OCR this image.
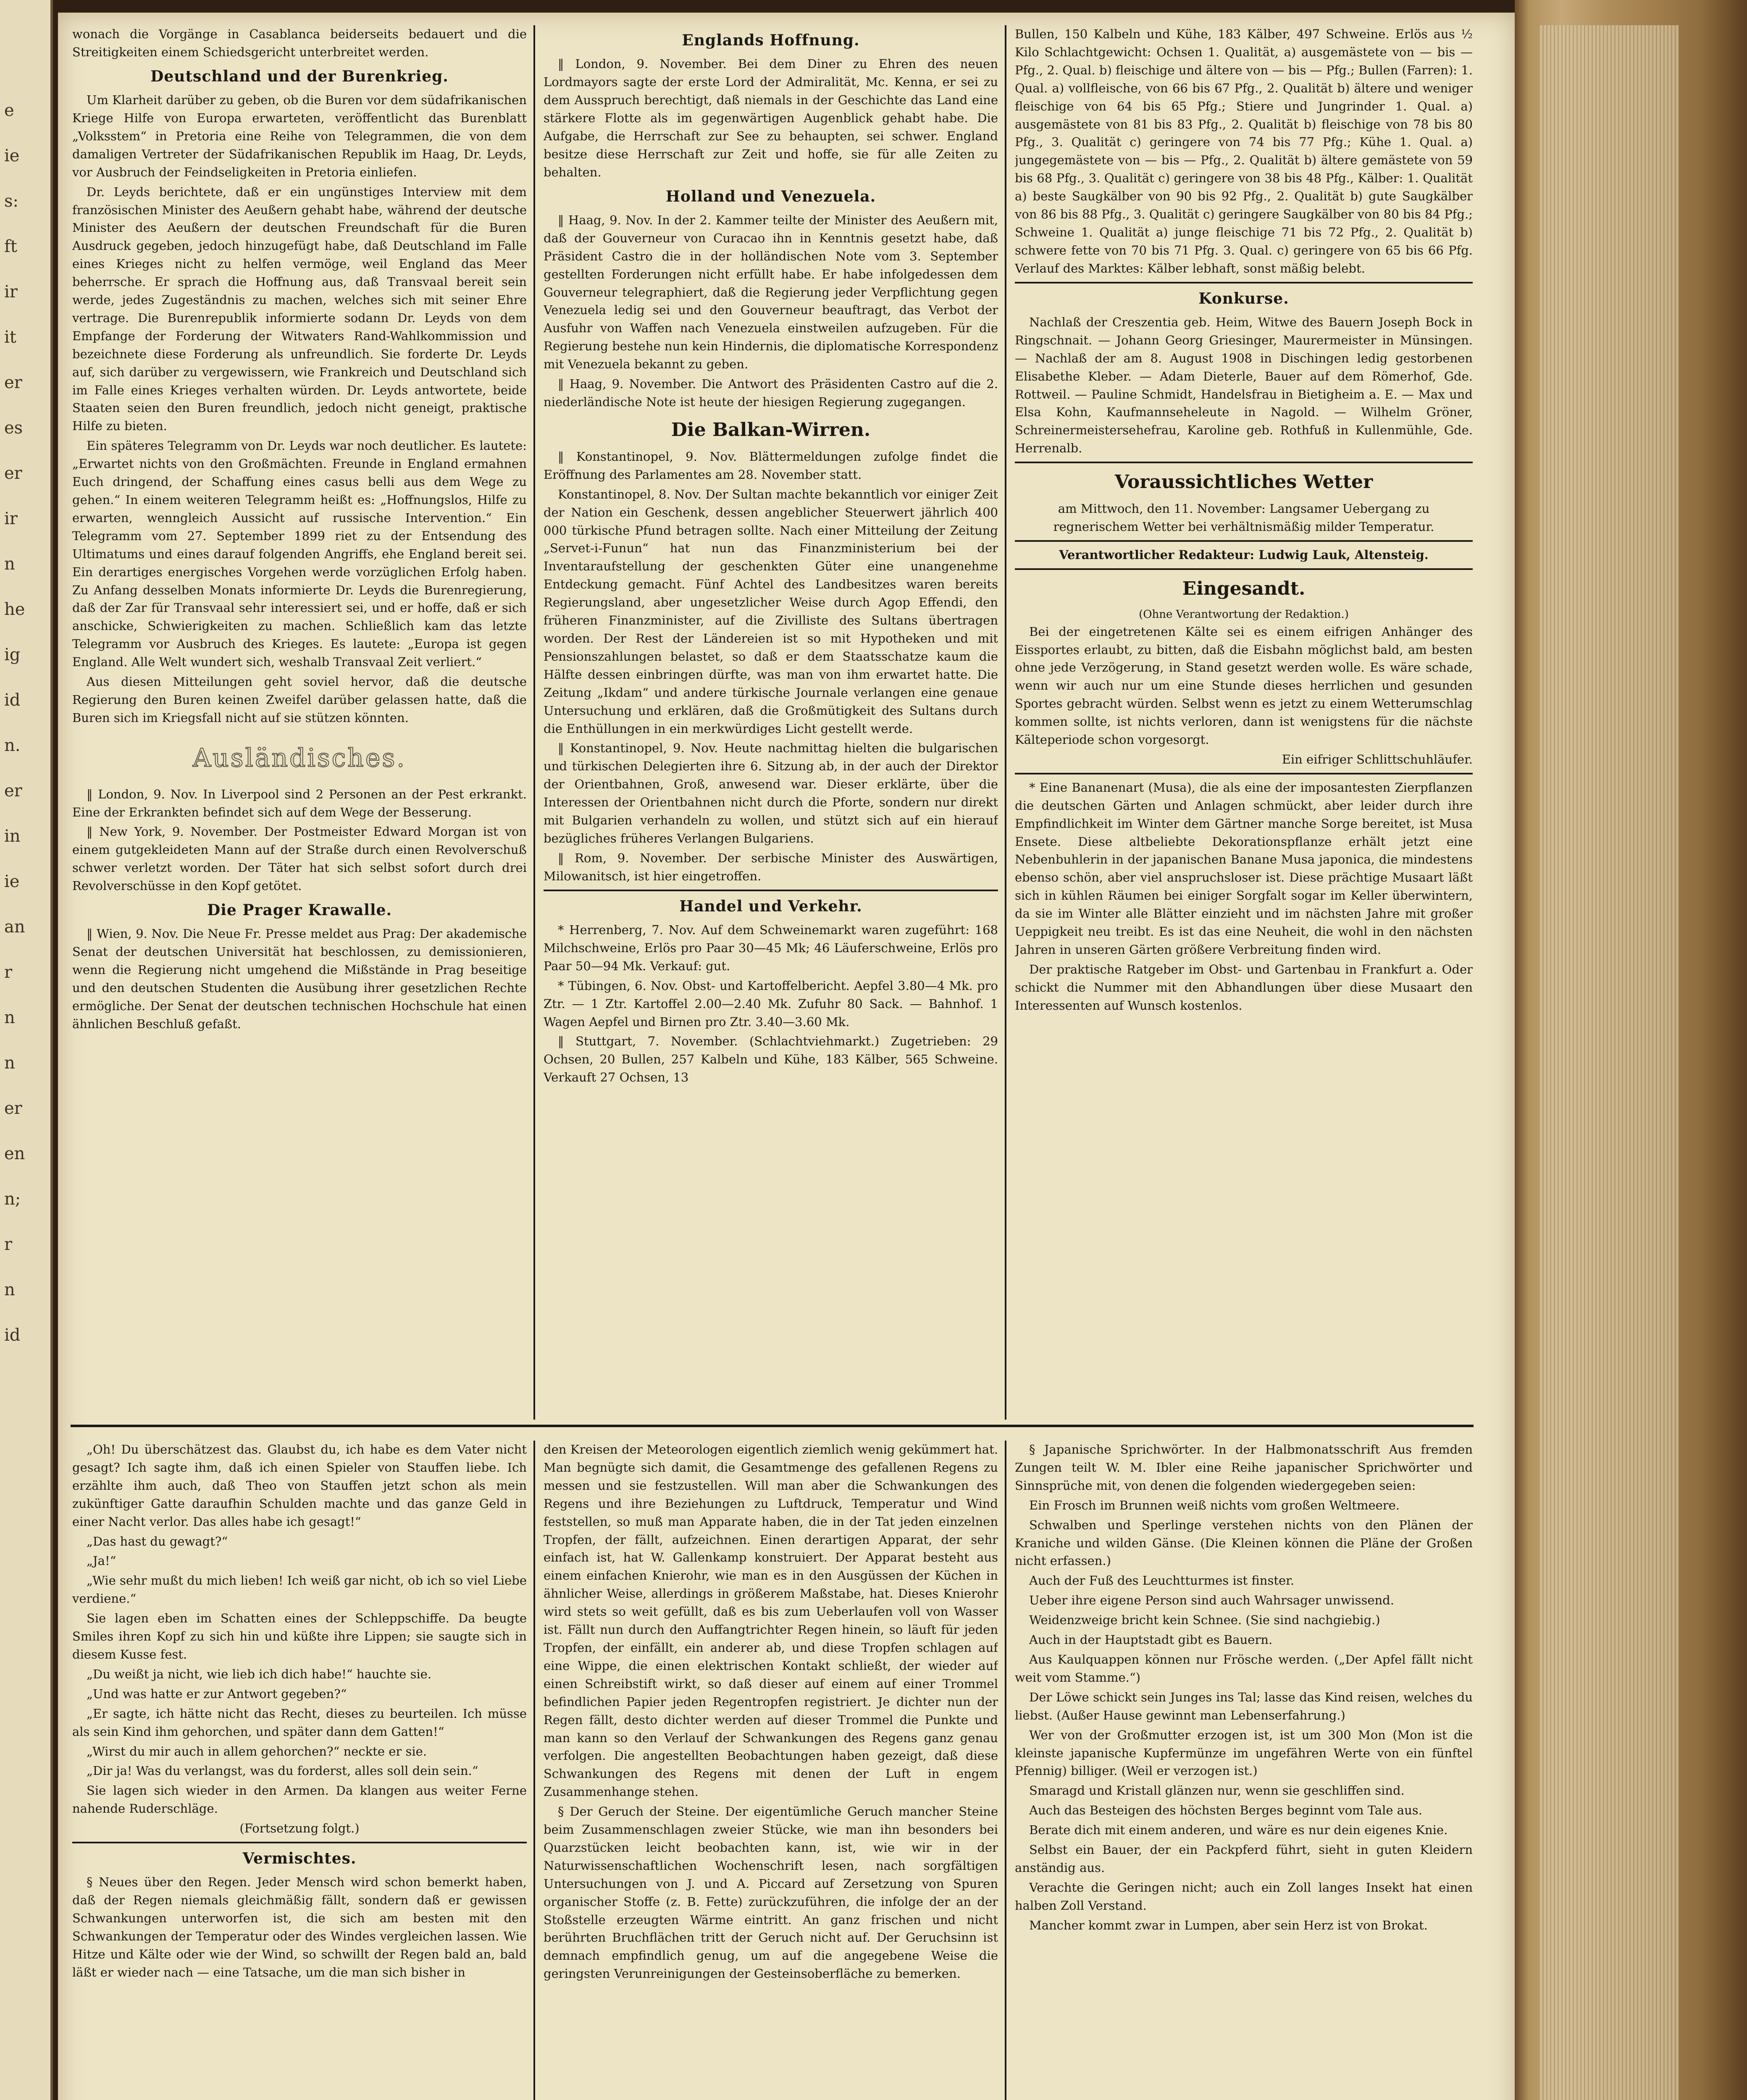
e
ie
s:
ft
ir
it
er
es
er
ir
n
he
ig
id
n.
er
in
ie
an
r
n
n
er
en
n;
r
n
id

wonach die Vorgänge in Casablanca beiderseits bedauert und die Streitigkeiten einem Schiedsgericht unterbreitet werden.

Deutschland und der Burenkrieg.

Um Klarheit darüber zu geben, ob die Buren vor dem südafrikanischen Kriege Hilfe von Europa erwarteten, veröffentlicht das Burenblatt „Volksstem“ in Pretoria eine Reihe von Telegrammen, die von dem damaligen Vertreter der Südafrikanischen Republik im Haag, Dr. Leyds, vor Ausbruch der Feindseligkeiten in Pretoria einliefen.

Dr. Leyds berichtete, daß er ein ungünstiges Interview mit dem französischen Minister des Aeußern gehabt habe, während der deutsche Minister des Aeußern der deutschen Freundschaft für die Buren Ausdruck gegeben, jedoch hinzugefügt habe, daß Deutschland im Falle eines Krieges nicht zu helfen vermöge, weil England das Meer beherrsche. Er sprach die Hoffnung aus, daß Transvaal bereit sein werde, jedes Zugeständnis zu machen, welches sich mit seiner Ehre vertrage. Die Burenrepublik informierte sodann Dr. Leyds von dem Empfange der Forderung der Witwaters Rand-Wahlkommission und bezeichnete diese Forderung als unfreundlich. Sie forderte Dr. Leyds auf, sich darüber zu vergewissern, wie Frankreich und Deutschland sich im Falle eines Krieges verhalten würden. Dr. Leyds antwortete, beide Staaten seien den Buren freundlich, jedoch nicht geneigt, praktische Hilfe zu bieten.

Ein späteres Telegramm von Dr. Leyds war noch deutlicher. Es lautete: „Erwartet nichts von den Großmächten. Freunde in England ermahnen Euch dringend, der Schaffung eines casus belli aus dem Wege zu gehen.“ In einem weiteren Telegramm heißt es: „Hoffnungslos, Hilfe zu erwarten, wenngleich Aussicht auf russische Intervention.“ Ein Telegramm vom 27. September 1899 riet zu der Entsendung des Ultimatums und eines darauf folgenden Angriffs, ehe England bereit sei. Ein derartiges energisches Vorgehen werde vorzüglichen Erfolg haben. Zu Anfang desselben Monats informierte Dr. Leyds die Burenregierung, daß der Zar für Transvaal sehr interessiert sei, und er hoffe, daß er sich anschicke, Schwierigkeiten zu machen. Schließlich kam das letzte Telegramm vor Ausbruch des Krieges. Es lautete: „Europa ist gegen England. Alle Welt wundert sich, weshalb Transvaal Zeit verliert.“

Aus diesen Mitteilungen geht soviel hervor, daß die deutsche Regierung den Buren keinen Zweifel darüber gelassen hatte, daß die Buren sich im Kriegsfall nicht auf sie stützen könnten.

Ausländisches.

‖ London, 9. Nov. In Liverpool sind 2 Personen an der Pest erkrankt. Eine der Erkrankten befindet sich auf dem Wege der Besserung.

‖ New York, 9. November. Der Postmeister Edward Morgan ist von einem gutgekleideten Mann auf der Straße durch einen Revolverschuß schwer verletzt worden. Der Täter hat sich selbst sofort durch drei Revolverschüsse in den Kopf getötet.

Die Prager Krawalle.

‖ Wien, 9. Nov. Die Neue Fr. Presse meldet aus Prag: Der akademische Senat der deutschen Universität hat beschlossen, zu demissionieren, wenn die Regierung nicht umgehend die Mißstände in Prag beseitige und den deutschen Studenten die Ausübung ihrer gesetzlichen Rechte ermögliche. Der Senat der deutschen technischen Hochschule hat einen ähnlichen Beschluß gefaßt.

Englands Hoffnung.

‖ London, 9. November. Bei dem Diner zu Ehren des neuen Lordmayors sagte der erste Lord der Admiralität, Mc. Kenna, er sei zu dem Ausspruch berechtigt, daß niemals in der Geschichte das Land eine stärkere Flotte als im gegenwärtigen Augenblick gehabt habe. Die Aufgabe, die Herrschaft zur See zu behaupten, sei schwer. England besitze diese Herrschaft zur Zeit und hoffe, sie für alle Zeiten zu behalten.

Holland und Venezuela.

‖ Haag, 9. Nov. In der 2. Kammer teilte der Minister des Aeußern mit, daß der Gouverneur von Curacao ihn in Kenntnis gesetzt habe, daß Präsident Castro die in der holländischen Note vom 3. September gestellten Forderungen nicht erfüllt habe. Er habe infolgedessen dem Gouverneur telegraphiert, daß die Regierung jeder Verpflichtung gegen Venezuela ledig sei und den Gouverneur beauftragt, das Verbot der Ausfuhr von Waffen nach Venezuela einstweilen aufzugeben. Für die Regierung bestehe nun kein Hindernis, die diplomatische Korrespondenz mit Venezuela bekannt zu geben.

‖ Haag, 9. November. Die Antwort des Präsidenten Castro auf die 2. niederländische Note ist heute der hiesigen Regierung zugegangen.

Die Balkan-Wirren.

‖ Konstantinopel, 9. Nov. Blättermeldungen zufolge findet die Eröffnung des Parlamentes am 28. November statt.

Konstantinopel, 8. Nov. Der Sultan machte bekanntlich vor einiger Zeit der Nation ein Geschenk, dessen angeblicher Steuerwert jährlich 400 000 türkische Pfund betragen sollte. Nach einer Mitteilung der Zeitung „Servet-i-Funun“ hat nun das Finanzministerium bei der Inventaraufstellung der geschenkten Güter eine unangenehme Entdeckung gemacht. Fünf Achtel des Landbesitzes waren bereits Regierungsland, aber ungesetzlicher Weise durch Agop Effendi, den früheren Finanzminister, auf die Zivilliste des Sultans übertragen worden. Der Rest der Ländereien ist so mit Hypotheken und mit Pensionszahlungen belastet, so daß er dem Staatsschatze kaum die Hälfte dessen einbringen dürfte, was man von ihm erwartet hatte. Die Zeitung „Ikdam“ und andere türkische Journale verlangen eine genaue Untersuchung und erklären, daß die Großmütigkeit des Sultans durch die Enthüllungen in ein merkwürdiges Licht gestellt werde.

‖ Konstantinopel, 9. Nov. Heute nachmittag hielten die bulgarischen und türkischen Delegierten ihre 6. Sitzung ab, in der auch der Direktor der Orientbahnen, Groß, anwesend war. Dieser erklärte, über die Interessen der Orientbahnen nicht durch die Pforte, sondern nur direkt mit Bulgarien verhandeln zu wollen, und stützt sich auf ein hierauf bezügliches früheres Verlangen Bulgariens.

‖ Rom, 9. November. Der serbische Minister des Auswärtigen, Milowanitsch, ist hier eingetroffen.

Handel und Verkehr.

* Herrenberg, 7. Nov. Auf dem Schweinemarkt waren zugeführt: 168 Milchschweine, Erlös pro Paar 30—45 Mk; 46 Läuferschweine, Erlös pro Paar 50—94 Mk. Verkauf: gut.

* Tübingen, 6. Nov. Obst- und Kartoffelbericht. Aepfel 3.80—4 Mk. pro Ztr. — 1 Ztr. Kartoffel 2.00—2.40 Mk. Zufuhr 80 Sack. — Bahnhof. 1 Wagen Aepfel und Birnen pro Ztr. 3.40—3.60 Mk.

‖ Stuttgart, 7. November. (Schlachtviehmarkt.) Zugetrieben: 29 Ochsen, 20 Bullen, 257 Kalbeln und Kühe, 183 Kälber, 565 Schweine. Verkauft 27 Ochsen, 13

Bullen, 150 Kalbeln und Kühe, 183 Kälber, 497 Schweine. Erlös aus ½ Kilo Schlachtgewicht: Ochsen 1. Qualität, a) ausgemästete von — bis — Pfg., 2. Qual. b) fleischige und ältere von — bis — Pfg.; Bullen (Farren): 1. Qual. a) vollfleische, von 66 bis 67 Pfg., 2. Qualität b) ältere und weniger fleischige von 64 bis 65 Pfg.; Stiere und Jungrinder 1. Qual. a) ausgemästete von 81 bis 83 Pfg., 2. Qualität b) fleischige von 78 bis 80 Pfg., 3. Qualität c) geringere von 74 bis 77 Pfg.; Kühe 1. Qual. a) jungegemästete von — bis — Pfg., 2. Qualität b) ältere gemästete von 59 bis 68 Pfg., 3. Qualität c) geringere von 38 bis 48 Pfg., Kälber: 1. Qualität a) beste Saugkälber von 90 bis 92 Pfg., 2. Qualität b) gute Saugkälber von 86 bis 88 Pfg., 3. Qualität c) geringere Saugkälber von 80 bis 84 Pfg.; Schweine 1. Qualität a) junge fleischige 71 bis 72 Pfg., 2. Qualität b) schwere fette von 70 bis 71 Pfg. 3. Qual. c) geringere von 65 bis 66 Pfg. Verlauf des Marktes: Kälber lebhaft, sonst mäßig belebt.

Konkurse.

Nachlaß der Creszentia geb. Heim, Witwe des Bauern Joseph Bock in Ringschnait. — Johann Georg Griesinger, Maurermeister in Münsingen. — Nachlaß der am 8. August 1908 in Dischingen ledig gestorbenen Elisabethe Kleber. — Adam Dieterle, Bauer auf dem Römerhof, Gde. Rottweil. — Pauline Schmidt, Handelsfrau in Bietigheim a. E. — Max und Elsa Kohn, Kaufmannseheleute in Nagold. — Wilhelm Gröner, Schreinermeistersehefrau, Karoline geb. Rothfuß in Kullenmühle, Gde. Herrenalb.

Voraussichtliches Wetter
am Mittwoch, den 11. November: Langsamer Uebergang zu regnerischem Wetter bei verhältnismäßig milder Temperatur.
Verantwortlicher Redakteur: Ludwig Lauk, Altensteig.
Eingesandt.
(Ohne Verantwortung der Redaktion.)

Bei der eingetretenen Kälte sei es einem eifrigen Anhänger des Eissportes erlaubt, zu bitten, daß die Eisbahn möglichst bald, am besten ohne jede Verzögerung, in Stand gesetzt werden wolle. Es wäre schade, wenn wir auch nur um eine Stunde dieses herrlichen und gesunden Sportes gebracht würden. Selbst wenn es jetzt zu einem Wetterumschlag kommen sollte, ist nichts verloren, dann ist wenigstens für die nächste Kälteperiode schon vorgesorgt.

Ein eifriger Schlittschuhläufer.

* Eine Bananenart (Musa), die als eine der imposantesten Zierpflanzen die deutschen Gärten und Anlagen schmückt, aber leider durch ihre Empfindlichkeit im Winter dem Gärtner manche Sorge bereitet, ist Musa Ensete. Diese altbeliebte Dekorationspflanze erhält jetzt eine Nebenbuhlerin in der japanischen Banane Musa japonica, die mindestens ebenso schön, aber viel anspruchsloser ist. Diese prächtige Musaart läßt sich in kühlen Räumen bei einiger Sorgfalt sogar im Keller überwintern, da sie im Winter alle Blätter einzieht und im nächsten Jahre mit großer Ueppigkeit neu treibt. Es ist das eine Neuheit, die wohl in den nächsten Jahren in unseren Gärten größere Verbreitung finden wird.

Der praktische Ratgeber im Obst- und Gartenbau in Frankfurt a. Oder schickt die Nummer mit den Abhandlungen über diese Musaart den Interessenten auf Wunsch kostenlos.

„Oh! Du überschätzest das. Glaubst du, ich habe es dem Vater nicht gesagt? Ich sagte ihm, daß ich einen Spieler von Stauffen liebe. Ich erzählte ihm auch, daß Theo von Stauffen jetzt schon als mein zukünftiger Gatte daraufhin Schulden machte und das ganze Geld in einer Nacht verlor. Das alles habe ich gesagt!“

„Das hast du gewagt?“

„Ja!“

„Wie sehr mußt du mich lieben! Ich weiß gar nicht, ob ich so viel Liebe verdiene.“

Sie lagen eben im Schatten eines der Schleppschiffe. Da beugte Smiles ihren Kopf zu sich hin und küßte ihre Lippen; sie saugte sich in diesem Kusse fest.

„Du weißt ja nicht, wie lieb ich dich habe!“ hauchte sie.

„Und was hatte er zur Antwort gegeben?“

„Er sagte, ich hätte nicht das Recht, dieses zu beurteilen. Ich müsse als sein Kind ihm gehorchen, und später dann dem Gatten!“

„Wirst du mir auch in allem gehorchen?“ neckte er sie.

„Dir ja! Was du verlangst, was du forderst, alles soll dein sein.“

Sie lagen sich wieder in den Armen. Da klangen aus weiter Ferne nahende Ruderschläge.

(Fortsetzung folgt.)
Vermischtes.

§ Neues über den Regen. Jeder Mensch wird schon bemerkt haben, daß der Regen niemals gleichmäßig fällt, sondern daß er gewissen Schwankungen unterworfen ist, die sich am besten mit den Schwankungen der Temperatur oder des Windes vergleichen lassen. Wie Hitze und Kälte oder wie der Wind, so schwillt der Regen bald an, bald läßt er wieder nach — eine Tatsache, um die man sich bisher in

den Kreisen der Meteorologen eigentlich ziemlich wenig gekümmert hat. Man begnügte sich damit, die Gesamtmenge des gefallenen Regens zu messen und sie festzustellen. Will man aber die Schwankungen des Regens und ihre Beziehungen zu Luftdruck, Temperatur und Wind feststellen, so muß man Apparate haben, die in der Tat jeden einzelnen Tropfen, der fällt, aufzeichnen. Einen derartigen Apparat, der sehr einfach ist, hat W. Gallenkamp konstruiert. Der Apparat besteht aus einem einfachen Knierohr, wie man es in den Ausgüssen der Küchen in ähnlicher Weise, allerdings in größerem Maßstabe, hat. Dieses Knierohr wird stets so weit gefüllt, daß es bis zum Ueberlaufen voll von Wasser ist. Fällt nun durch den Auffangtrichter Regen hinein, so läuft für jeden Tropfen, der einfällt, ein anderer ab, und diese Tropfen schlagen auf eine Wippe, die einen elektrischen Kontakt schließt, der wieder auf einen Schreibstift wirkt, so daß dieser auf einem auf einer Trommel befindlichen Papier jeden Regentropfen registriert. Je dichter nun der Regen fällt, desto dichter werden auf dieser Trommel die Punkte und man kann so den Verlauf der Schwankungen des Regens ganz genau verfolgen. Die angestellten Beobachtungen haben gezeigt, daß diese Schwankungen des Regens mit denen der Luft in engem Zusammenhange stehen.

§ Der Geruch der Steine. Der eigentümliche Geruch mancher Steine beim Zusammenschlagen zweier Stücke, wie man ihn besonders bei Quarzstücken leicht beobachten kann, ist, wie wir in der Naturwissenschaftlichen Wochenschrift lesen, nach sorgfältigen Untersuchungen von J. und A. Piccard auf Zersetzung von Spuren organischer Stoffe (z. B. Fette) zurückzuführen, die infolge der an der Stoßstelle erzeugten Wärme eintritt. An ganz frischen und nicht berührten Bruchflächen tritt der Geruch nicht auf. Der Geruchsinn ist demnach empfindlich genug, um auf die angegebene Weise die geringsten Verunreinigungen der Gesteinsoberfläche zu bemerken.

§ Japanische Sprichwörter. In der Halbmonatsschrift Aus fremden Zungen teilt W. M. Ibler eine Reihe japanischer Sprichwörter und Sinnsprüche mit, von denen die folgenden wiedergegeben seien:

Ein Frosch im Brunnen weiß nichts vom großen Weltmeere.

Schwalben und Sperlinge verstehen nichts von den Plänen der Kraniche und wilden Gänse. (Die Kleinen können die Pläne der Großen nicht erfassen.)

Auch der Fuß des Leuchtturmes ist finster.

Ueber ihre eigene Person sind auch Wahrsager unwissend.

Weidenzweige bricht kein Schnee. (Sie sind nachgiebig.)

Auch in der Hauptstadt gibt es Bauern.

Aus Kaulquappen können nur Frösche werden. („Der Apfel fällt nicht weit vom Stamme.“)

Der Löwe schickt sein Junges ins Tal; lasse das Kind reisen, welches du liebst. (Außer Hause gewinnt man Lebenserfahrung.)

Wer von der Großmutter erzogen ist, ist um 300 Mon (Mon ist die kleinste japanische Kupfermünze im ungefähren Werte von ein fünftel Pfennig) billiger. (Weil er verzogen ist.)

Smaragd und Kristall glänzen nur, wenn sie geschliffen sind.

Auch das Besteigen des höchsten Berges beginnt vom Tale aus.

Berate dich mit einem anderen, und wäre es nur dein eigenes Knie.

Selbst ein Bauer, der ein Packpferd führt, sieht in guten Kleidern anständig aus.

Verachte die Geringen nicht; auch ein Zoll langes Insekt hat einen halben Zoll Verstand.

Mancher kommt zwar in Lumpen, aber sein Herz ist von Brokat.
